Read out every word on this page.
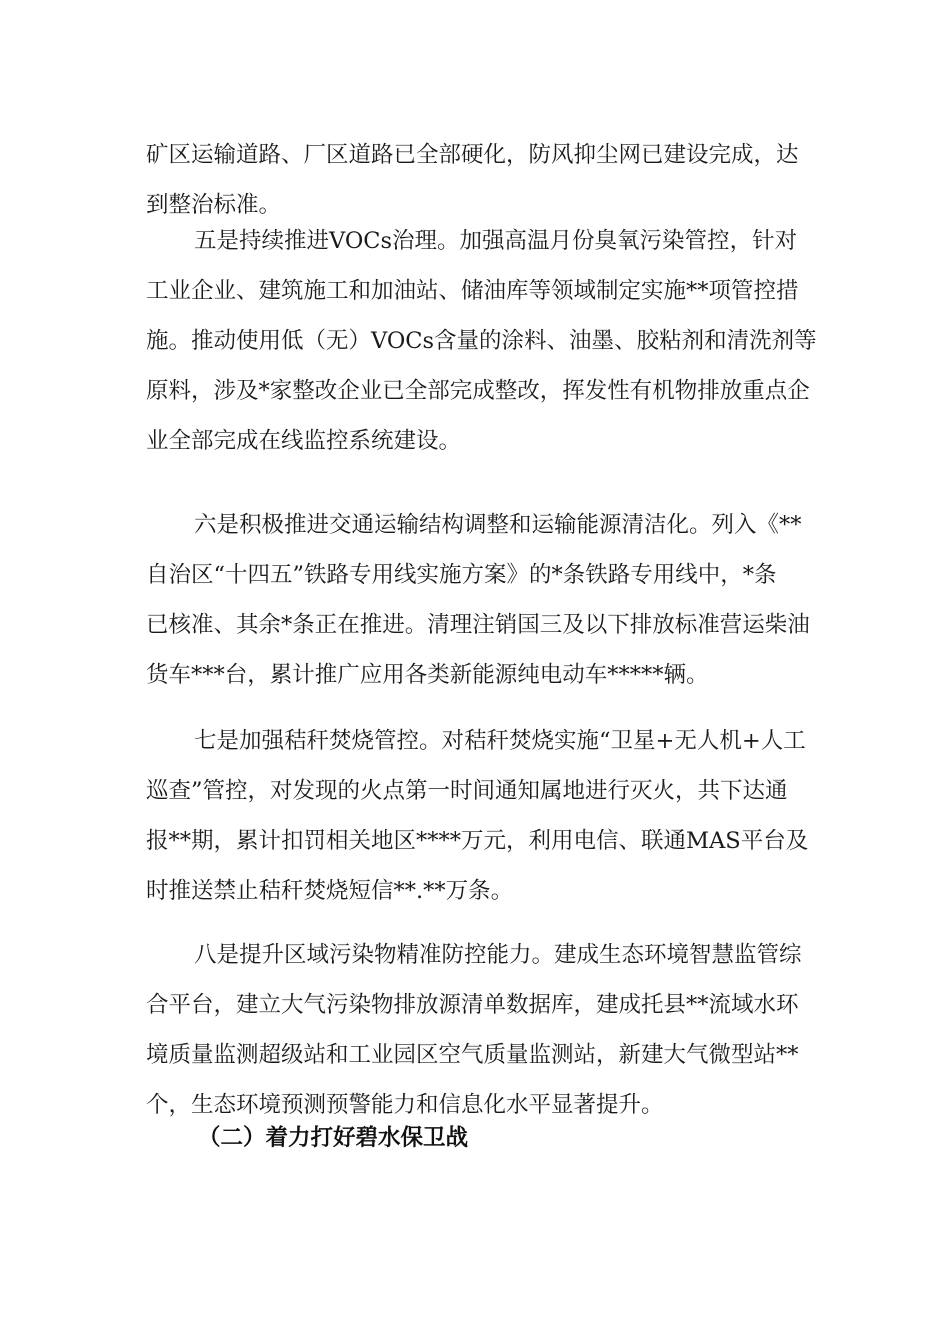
矿区运输道路、厂区道路已全部硬化，防风抑尘网已建设完成，达
到整治标准。
五是持续推进VOCs治理。加强高温月份臭氧污染管控，针对
工业企业、建筑施工和加油站、储油库等领域制定实施**项管控措
施。推动使用低（无）VOCs含量的涂料、油墨、胶粘剂和清洗剂等
原料，涉及*家整改企业已全部完成整改，挥发性有机物排放重点企
业全部完成在线监控系统建设。
六是积极推进交通运输结构调整和运输能源清洁化。列入《**
自治区“十四五”铁路专用线实施方案》的*条铁路专用线中，*条
已核准、其余*条正在推进。清理注销国三及以下排放标准营运柴油
货车***台，累计推广应用各类新能源纯电动车*****辆。
七是加强秸秆焚烧管控。对秸秆焚烧实施“卫星+无人机+人工
巡查”管控，对发现的火点第一时间通知属地进行灭火，共下达通
报**期，累计扣罚相关地区****万元，利用电信、联通MAS平台及
时推送禁止秸秆焚烧短信**.**万条。
八是提升区域污染物精准防控能力。建成生态环境智慧监管综
合平台，建立大气污染物排放源清单数据库，建成托县**流域水环
境质量监测超级站和工业园区空气质量监测站，新建大气微型站**
个，生态环境预测预警能力和信息化水平显著提升。
（二）着力打好碧水保卫战
